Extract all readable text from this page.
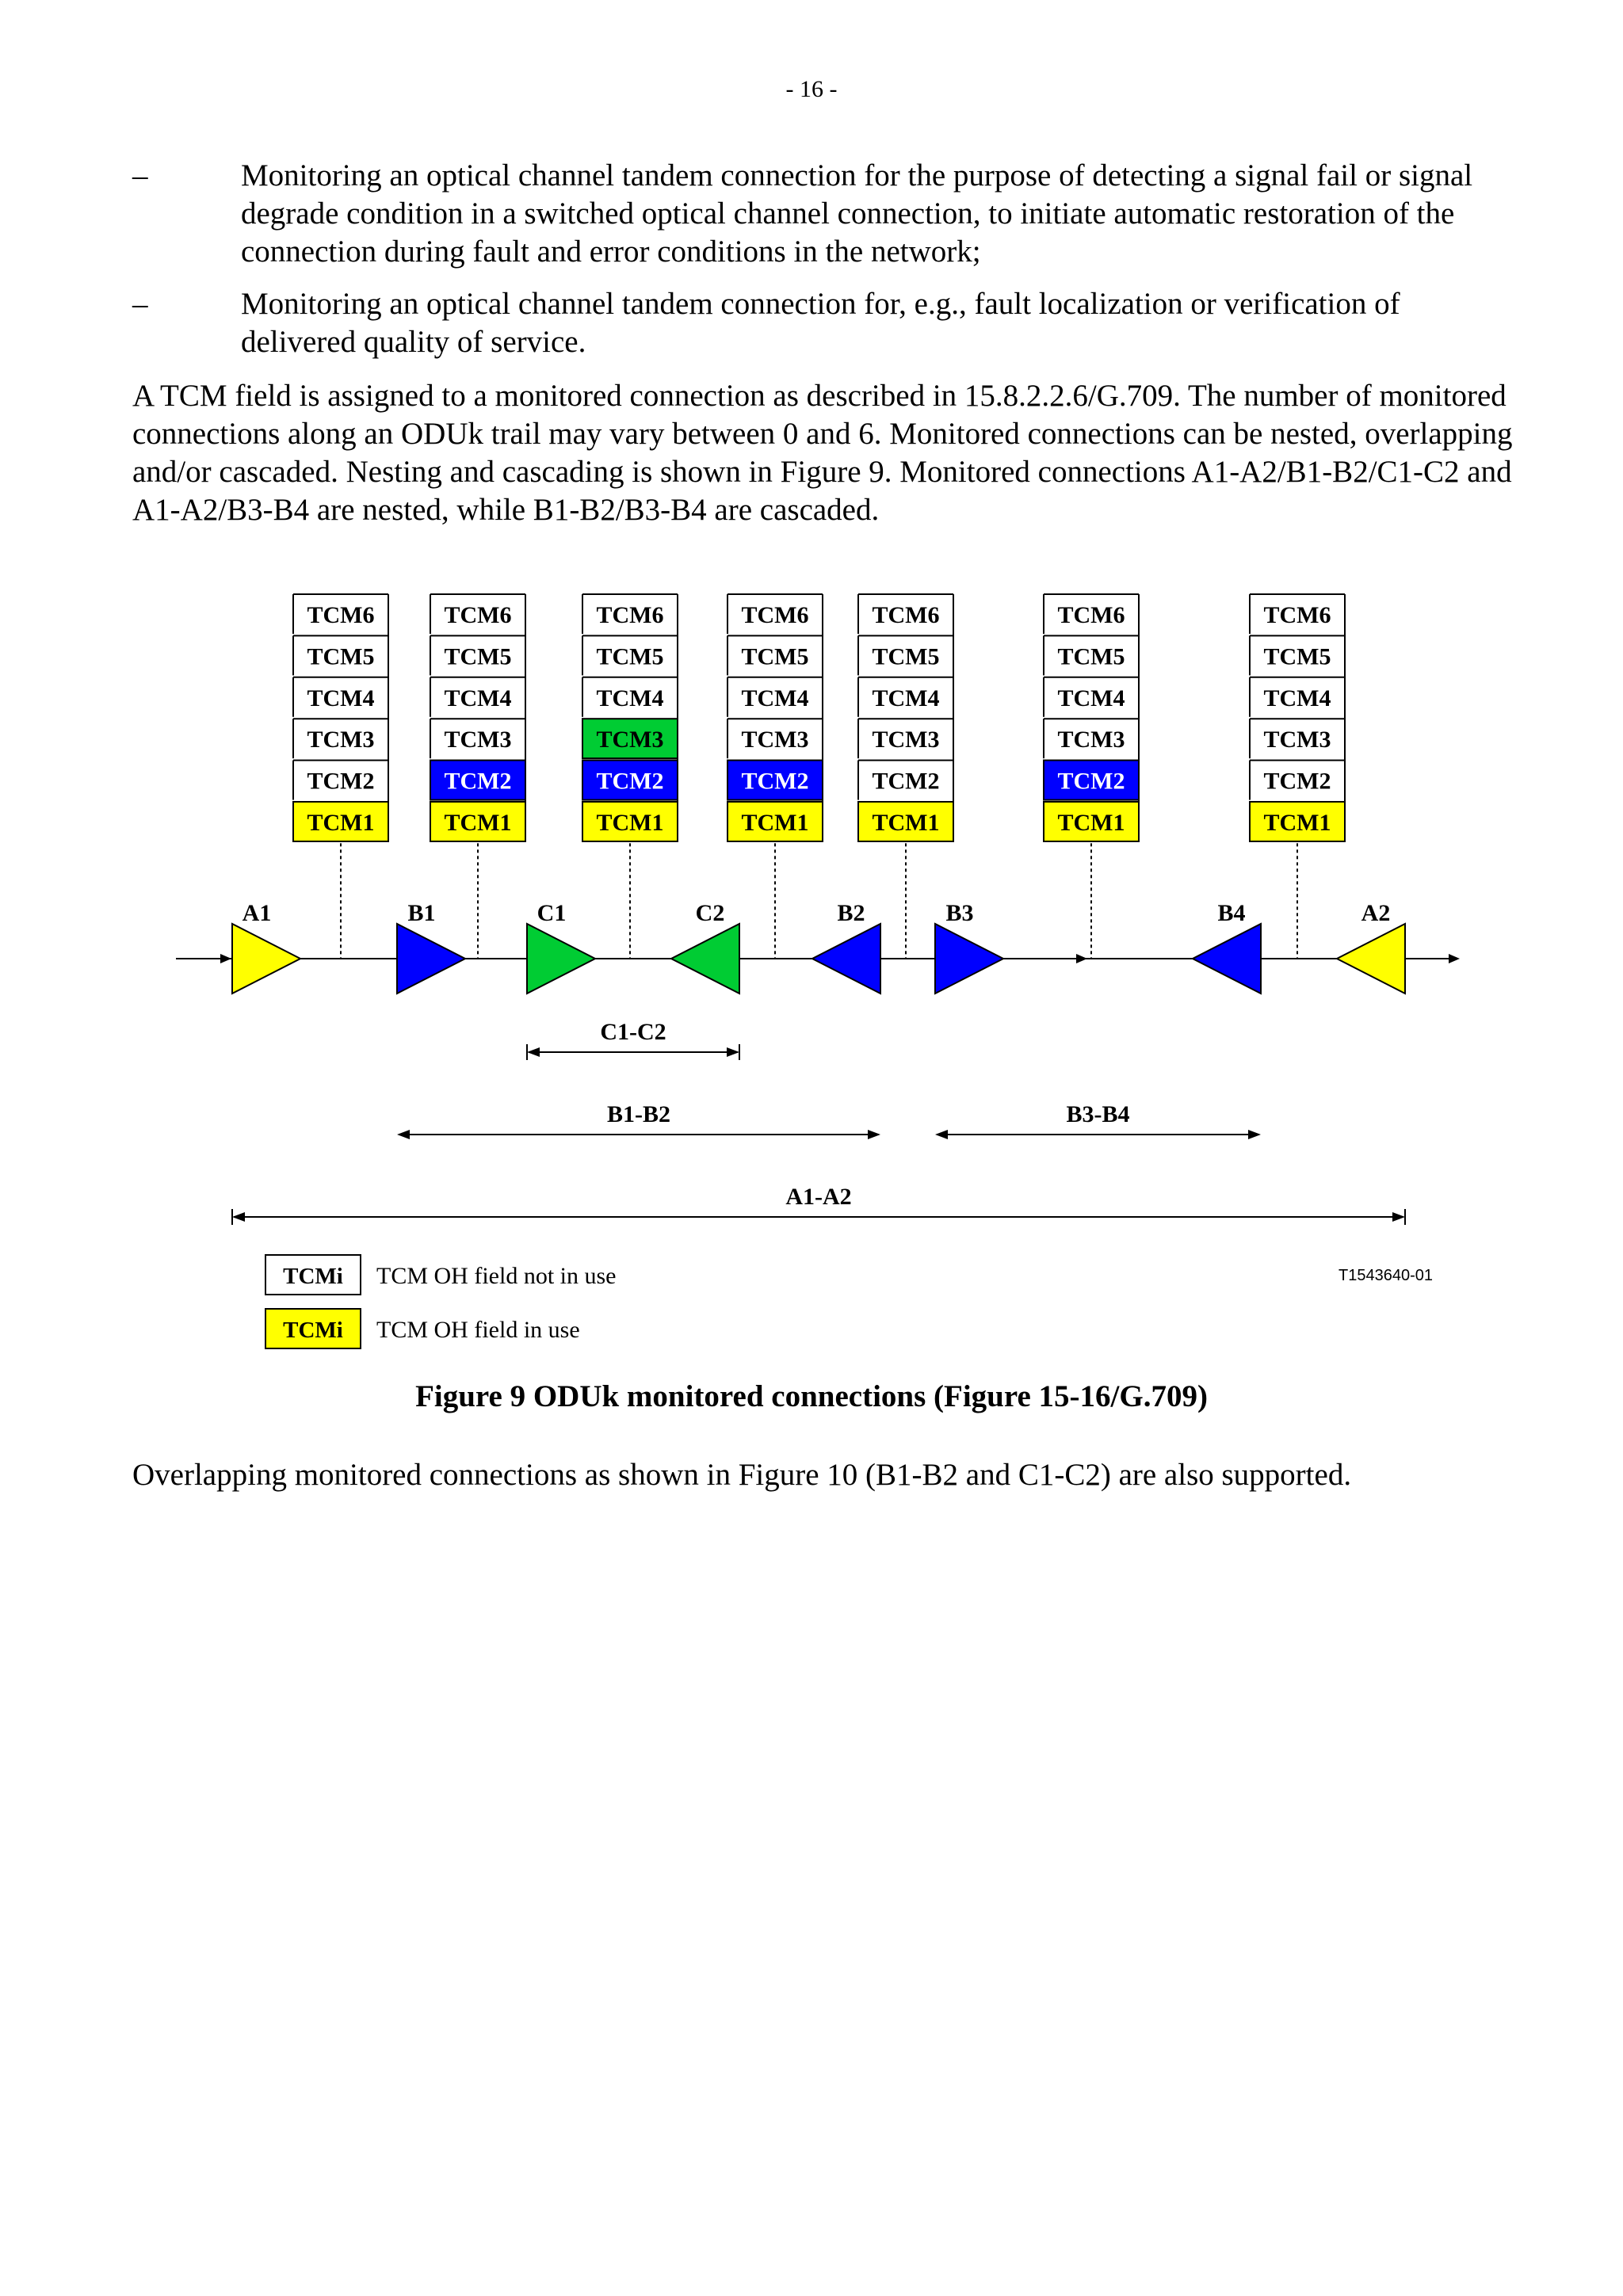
- 16 -
–	Monitoring an optical channel tandem connection for the purpose of detecting a signal fail or signal degrade condition in a switched optical channel connection, to initiate automatic restoration of the connection during fault and error conditions in the network;
–	Monitoring an optical channel tandem connection for, e.g., fault localization or verification of delivered quality of service.
A TCM field is assigned to a monitored connection as described in 15.8.2.2.6/G.709. The number of monitored connections along an ODUk trail may vary between 0 and 6. Monitored connections can be nested, overlapping and/or cascaded. Nesting and cascading is shown in Figure 9. Monitored connections A1-A2/B1-B2/C1-C2 and A1-A2/B3-B4 are nested, while B1-B2/B3-B4 are cascaded.
TCM6
TCM5
TCM4
TCM3
TCM2
TCM1
TCM6
TCM5
TCM4
TCM3
TCM2
TCM1
TCM6
TCM5
TCM4
TCM3
TCM2
TCM1
TCM6
TCM5
TCM4
TCM3
TCM2
TCM1
TCM6
TCM5
TCM4
TCM3
TCM2
TCM1
TCM6
TCM5
TCM4
TCM3
TCM2
TCM1
TCM6
TCM5
TCM4
TCM3
TCM2
TCM1
A1	B1	C1	C2	B2	B3	B4	A2
C1-C2
B1-B2	B3-B4
A1-A2
TCMi TCM OH field not in use
TCMi TCM OH field in use
T1543640-01
Figure 9 ODUk monitored connections (Figure 15-16/G.709)
Overlapping monitored connections as shown in Figure 10 (B1-B2 and C1-C2) are also supported.
